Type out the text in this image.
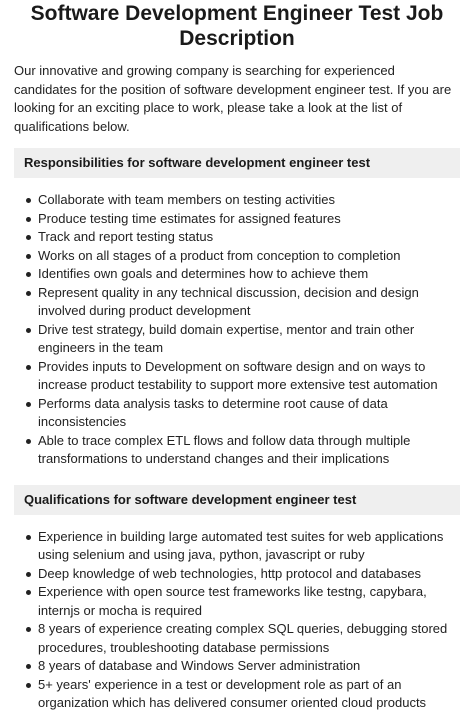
Software Development Engineer Test Job Description

Our innovative and growing company is searching for experienced candidates for the position of software development engineer test. If you are looking for an exciting place to work, please take a look at the list of qualifications below.

Responsibilities for software development engineer test
Collaborate with team members on testing activities
Produce testing time estimates for assigned features
Track and report testing status
Works on all stages of a product from conception to completion
Identifies own goals and determines how to achieve them
Represent quality in any technical discussion, decision and design involved during product development
Drive test strategy, build domain expertise, mentor and train other engineers in the team
Provides inputs to Development on software design and on ways to increase product testability to support more extensive test automation
Performs data analysis tasks to determine root cause of data inconsistencies
Able to trace complex ETL flows and follow data through multiple transformations to understand changes and their implications
Qualifications for software development engineer test
Experience in building large automated test suites for web applications using selenium and using java, python, javascript or ruby
Deep knowledge of web technologies, http protocol and databases
Experience with open source test frameworks like testng, capybara, internjs or mocha is required
8 years of experience creating complex SQL queries, debugging stored procedures, troubleshooting database permissions
8 years of database and Windows Server administration
5+ years' experience in a test or development role as part of an organization which has delivered consumer oriented cloud products
